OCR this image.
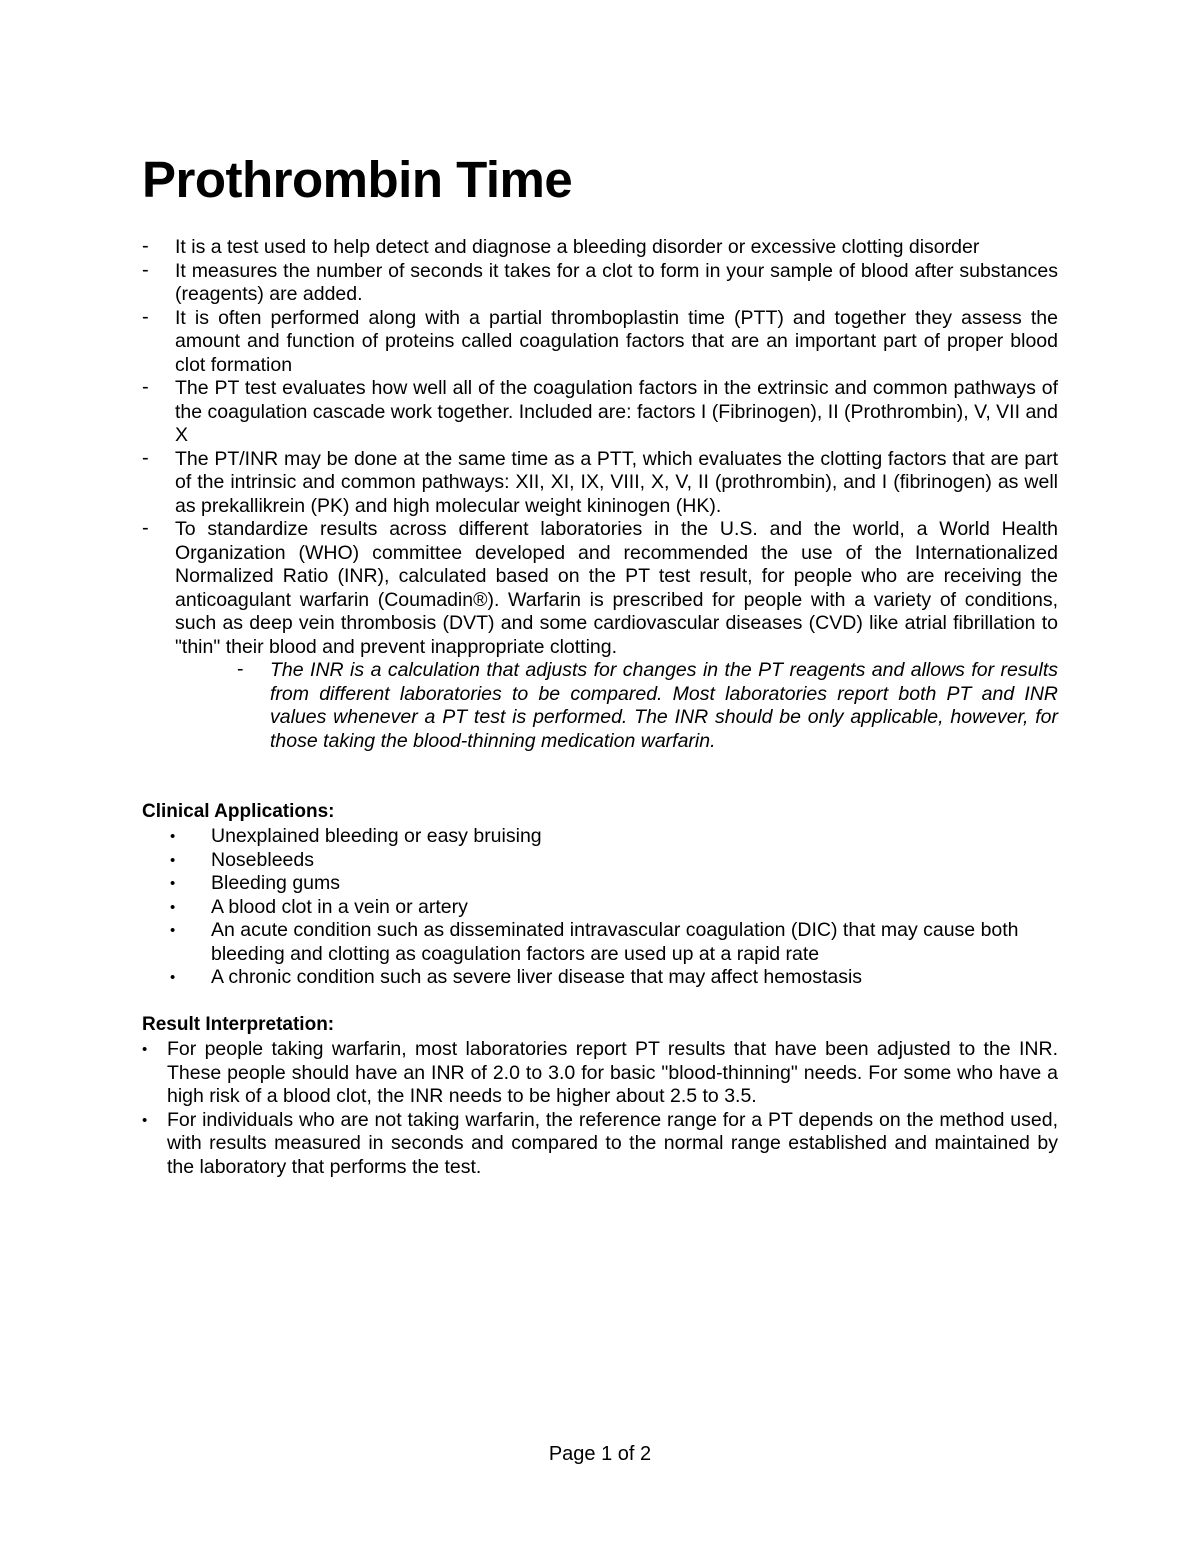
Prothrombin Time
- It is a test used to help detect and diagnose a bleeding disorder or excessive clotting disorder
- It measures the number of seconds it takes for a clot to form in your sample of blood after substances (reagents) are added.
- It is often performed along with a partial thromboplastin time (PTT) and together they assess the amount and function of proteins called coagulation factors that are an important part of proper blood clot formation
- The PT test evaluates how well all of the coagulation factors in the extrinsic and common pathways of the coagulation cascade work together. Included are: factors I (Fibrinogen), II (Prothrombin), V, VII and X
- The PT/INR may be done at the same time as a PTT, which evaluates the clotting factors that are part of the intrinsic and common pathways: XII, XI, IX, VIII, X, V, II (prothrombin), and I (fibrinogen) as well as prekallikrein (PK) and high molecular weight kininogen (HK).
- To standardize results across different laboratories in the U.S. and the world, a World Health Organization (WHO) committee developed and recommended the use of the Internationalized Normalized Ratio (INR), calculated based on the PT test result, for people who are receiving the anticoagulant warfarin (Coumadin®). Warfarin is prescribed for people with a variety of conditions, such as deep vein thrombosis (DVT) and some cardiovascular diseases (CVD) like atrial fibrillation to "thin" their blood and prevent inappropriate clotting.
- The INR is a calculation that adjusts for changes in the PT reagents and allows for results from different laboratories to be compared. Most laboratories report both PT and INR values whenever a PT test is performed. The INR should be only applicable, however, for those taking the blood-thinning medication warfarin.
Clinical Applications:
• Unexplained bleeding or easy bruising
• Nosebleeds
• Bleeding gums
• A blood clot in a vein or artery
• An acute condition such as disseminated intravascular coagulation (DIC) that may cause both bleeding and clotting as coagulation factors are used up at a rapid rate
• A chronic condition such as severe liver disease that may affect hemostasis
Result Interpretation:
• For people taking warfarin, most laboratories report PT results that have been adjusted to the INR. These people should have an INR of 2.0 to 3.0 for basic "blood-thinning" needs. For some who have a high risk of a blood clot, the INR needs to be higher about 2.5 to 3.5.
• For individuals who are not taking warfarin, the reference range for a PT depends on the method used, with results measured in seconds and compared to the normal range established and maintained by the laboratory that performs the test.
Page 1 of 2
